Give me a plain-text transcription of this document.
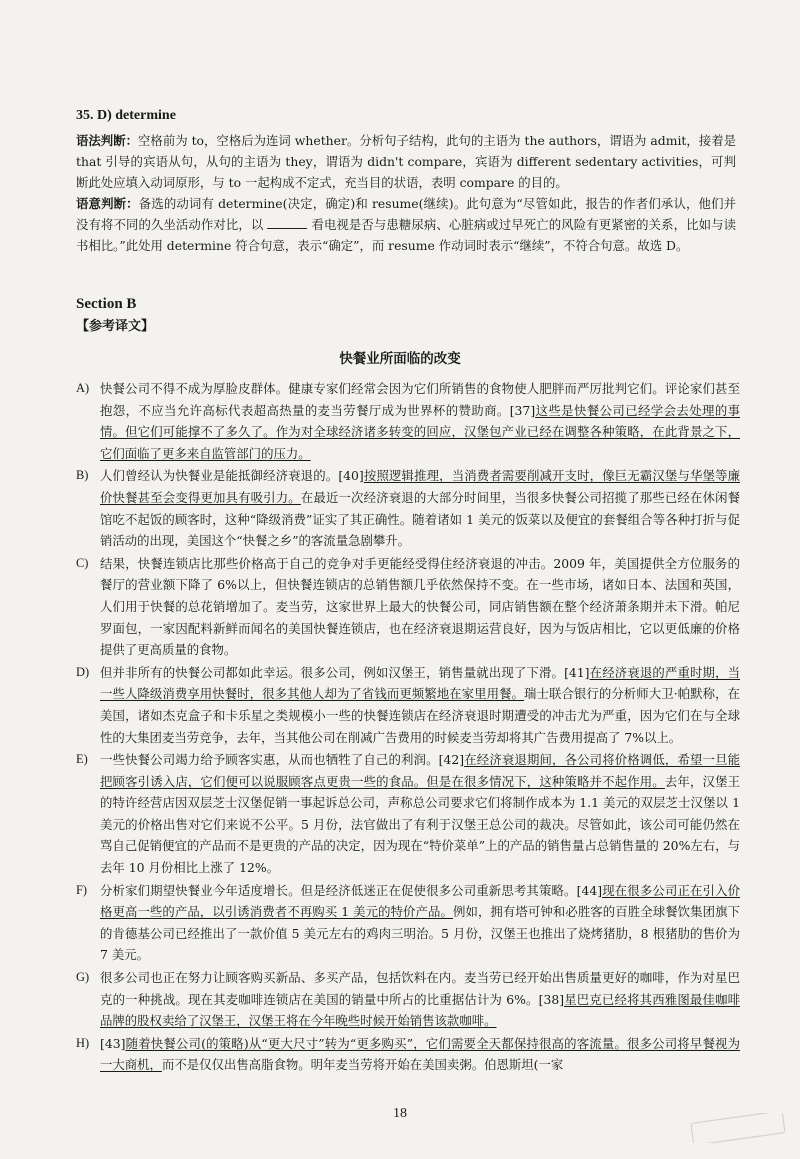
35. D) determine
语法判断：空格前为 to，空格后为连词 whether。分析句子结构，此句的主语为 the authors，谓语为 admit，接着是 that 引导的宾语从句，从句的主语为 they，谓语为 didn't compare，宾语为 different sedentary activities，可判断此处应填入动词原形，与 to 一起构成不定式，充当目的状语，表明 compare 的目的。
语意判断：备选的动词有 determine(决定，确定)和 resume(继续)。此句意为“尽管如此，报告的作者们承认，他们并没有将不同的久坐活动作对比，以	看电视是否与患糖尿病、心脏病或过早死亡的风险有更紧密的关系，比如与读书相比。”此处用 determine 符合句意，表示“确定”，而 resume 作动词时表示“继续”，不符合句意。故选 D。
Section B
【参考译文】
快餐业所面临的改变
A) 快餐公司不得不成为厚脸皮群体。健康专家们经常会因为它们所销售的食物使人肥胖而严厉批判它们。评论家们甚至抱怨，不应当允许高标代表超高热量的麦当劳餐厅成为世界杯的赞助商。[37]这些是快餐公司已经学会去处理的事情。但它们可能撑不了多久了。作为对全球经济诸多转变的回应，汉堡包产业已经在调整各种策略，在此背景之下，它们面临了更多来自监管部门的压力。
B) 人们曾经认为快餐业是能抵御经济衰退的。[40]按照逻辑推理，当消费者需要削减开支时，像巨无霸汉堡与华堡等廉价快餐甚至会变得更加具有吸引力。在最近一次经济衰退的大部分时间里，当很多快餐公司招揽了那些已经在休闲餐馆吃不起饭的顾客时，这种“降级消费”证实了其正确性。随着诸如 1 美元的饭菜以及便宜的套餐组合等各种打折与促销活动的出现，美国这个“快餐之乡”的客流量急剧攀升。
C) 结果，快餐连锁店比那些价格高于自己的竞争对手更能经受得住经济衰退的冲击。2009 年，美国提供全方位服务的餐厅的营业额下降了 6%以上，但快餐连锁店的总销售额几乎依然保持不变。在一些市场，诸如日本、法国和英国，人们用于快餐的总花销增加了。麦当劳，这家世界上最大的快餐公司，同店销售额在整个经济萧条期并未下滑。帕尼罗面包，一家因配料新鲜而闻名的美国快餐连锁店，也在经济衰退期运营良好，因为与饭店相比，它以更低廉的价格提供了更高质量的食物。
D) 但并非所有的快餐公司都如此幸运。很多公司，例如汉堡王，销售量就出现了下滑。[41]在经济衰退的严重时期，当一些人降级消费享用快餐时，很多其他人却为了省钱而更频繁地在家里用餐。瑞士联合银行的分析师大卫·帕默称，在美国，诸如杰克盒子和卡乐星之类规模小一些的快餐连锁店在经济衰退时期遭受的冲击尤为严重，因为它们在与全球性的大集团麦当劳竞争，去年，当其他公司在削减广告费用的时候麦当劳却将其广告费用提高了 7%以上。
E) 一些快餐公司竭力给予顾客实惠，从而也牺牲了自己的利润。[42]在经济衰退期间，各公司将价格调低，希望一旦能把顾客引诱入店，它们便可以说服顾客点更贵一些的食品。但是在很多情况下，这种策略并不起作用。去年，汉堡王的特许经营店因双层芝士汉堡促销一事起诉总公司，声称总公司要求它们将制作成本为 1.1 美元的双层芝士汉堡以 1 美元的价格出售对它们来说不公平。5 月份，法官做出了有利于汉堡王总公司的裁决。尽管如此，该公司可能仍然在骂自己促销便宜的产品而不是更贵的产品的决定，因为现在“特价菜单”上的产品的销售量占总销售量的 20%左右，与去年 10 月份相比上涨了 12%。
F) 分析家们期望快餐业今年适度增长。但是经济低迷正在促使很多公司重新思考其策略。[44]现在很多公司正在引入价格更高一些的产品，以引诱消费者不再购买 1 美元的特价产品。例如，拥有塔可钟和必胜客的百胜全球餐饮集团旗下的肯德基公司已经推出了一款价值 5 美元左右的鸡肉三明治。5 月份，汉堡王也推出了烧烤猪肋，8 根猪肋的售价为 7 美元。
G) 很多公司也正在努力让顾客购买新品、多买产品，包括饮料在内。麦当劳已经开始出售质量更好的咖啡，作为对星巴克的一种挑战。现在其麦咖啡连锁店在美国的销量中所占的比重据估计为 6%。[38]星巴克已经将其西雅图最佳咖啡品牌的股权卖给了汉堡王，汉堡王将在今年晚些时候开始销售该款咖啡。
H) [43]随着快餐公司(的策略)从“更大尺寸”转为“更多购买”，它们需要全天都保持很高的客流量。很多公司将早餐视为一大商机，而不是仅仅出售高脂食物。明年麦当劳将开始在美国卖粥。伯恩斯坦(一家
18
